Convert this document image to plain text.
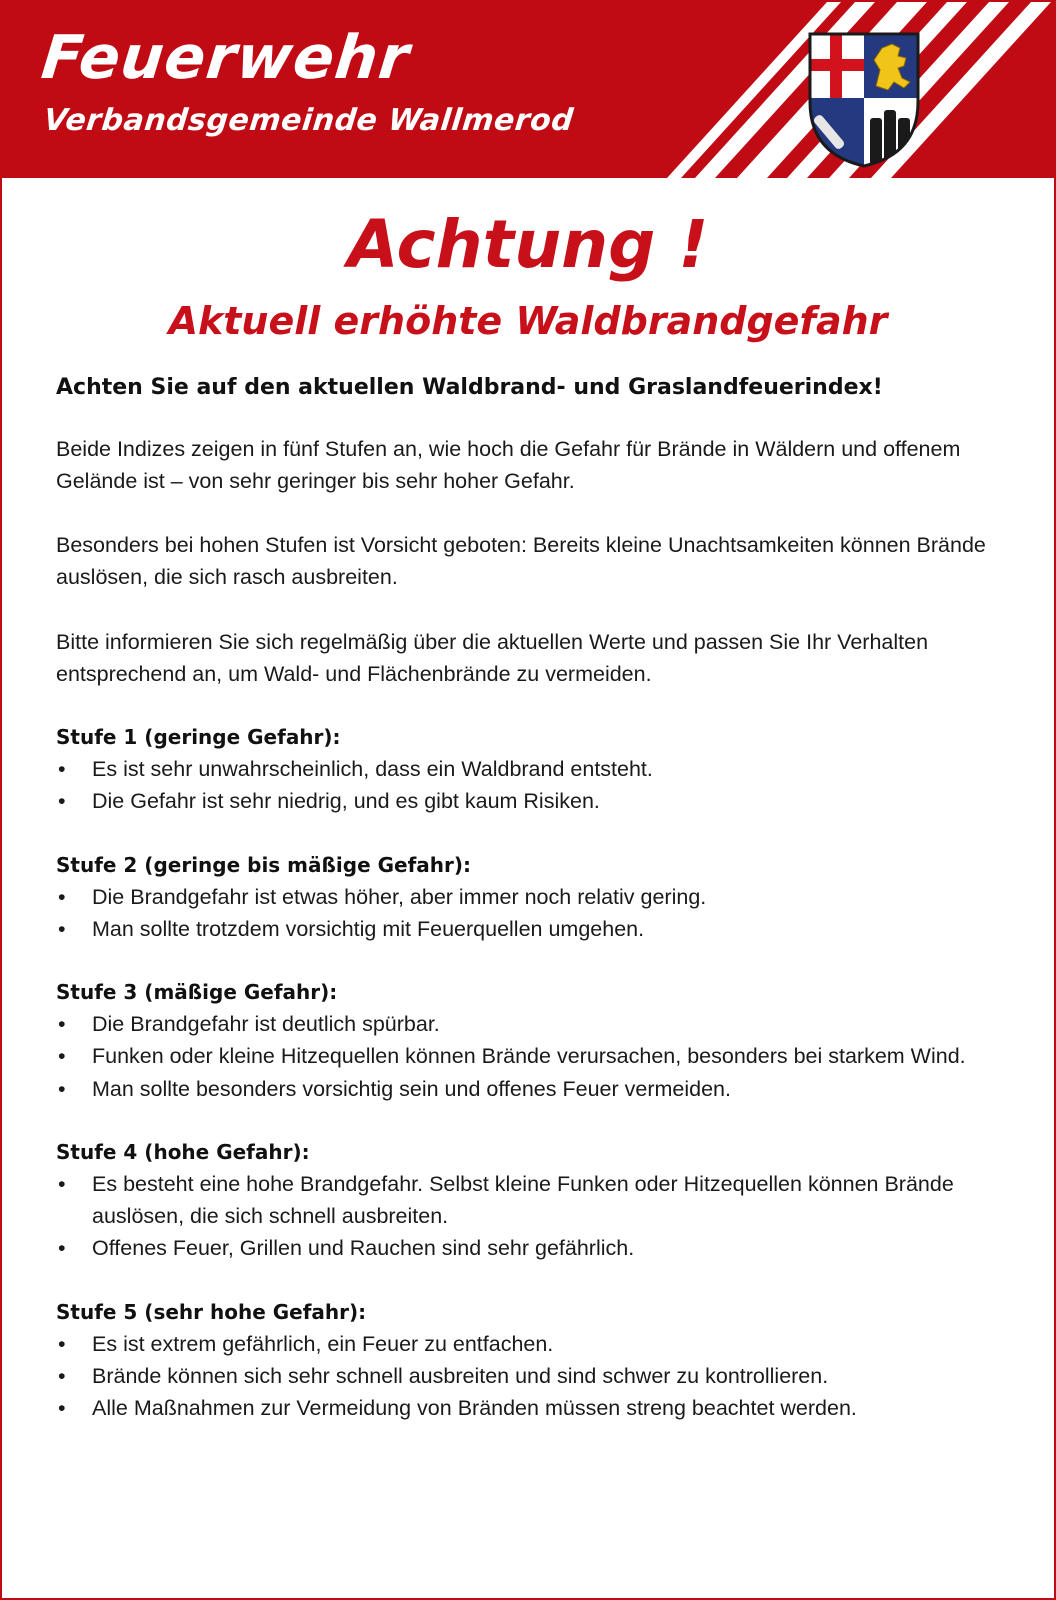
Feuerwehr

Verbandsgemeinde Wallmerod

Achtung !
Aktuell erhöhte Waldbrandgefahr

Achten Sie auf den aktuellen Waldbrand- und Graslandfeuerindex!

Beide Indizes zeigen in fünf Stufen an, wie hoch die Gefahr für Brände in Wäldern und offenem Gelände ist – von sehr geringer bis sehr hoher Gefahr.

Besonders bei hohen Stufen ist Vorsicht geboten: Bereits kleine Unachtsamkeiten können Brände auslösen, die sich rasch ausbreiten.

Bitte informieren Sie sich regelmäßig über die aktuellen Werte und passen Sie Ihr Verhalten entsprechend an, um Wald- und Flächenbrände zu vermeiden.

Stufe 1 (geringe Gefahr):

• Es ist sehr unwahrscheinlich, dass ein Waldbrand entsteht.
• Die Gefahr ist sehr niedrig, und es gibt kaum Risiken.

Stufe 2 (geringe bis mäßige Gefahr):

• Die Brandgefahr ist etwas höher, aber immer noch relativ gering.
• Man sollte trotzdem vorsichtig mit Feuerquellen umgehen.

Stufe 3 (mäßige Gefahr):

• Die Brandgefahr ist deutlich spürbar.
• Funken oder kleine Hitzequellen können Brände verursachen, besonders bei starkem Wind.
• Man sollte besonders vorsichtig sein und offenes Feuer vermeiden.

Stufe 4 (hohe Gefahr):

• Es besteht eine hohe Brandgefahr. Selbst kleine Funken oder Hitzequellen können Brände auslösen, die sich schnell ausbreiten.
• Offenes Feuer, Grillen und Rauchen sind sehr gefährlich.

Stufe 5 (sehr hohe Gefahr):

• Es ist extrem gefährlich, ein Feuer zu entfachen.
• Brände können sich sehr schnell ausbreiten und sind schwer zu kontrollieren.
• Alle Maßnahmen zur Vermeidung von Bränden müssen streng beachtet werden.
